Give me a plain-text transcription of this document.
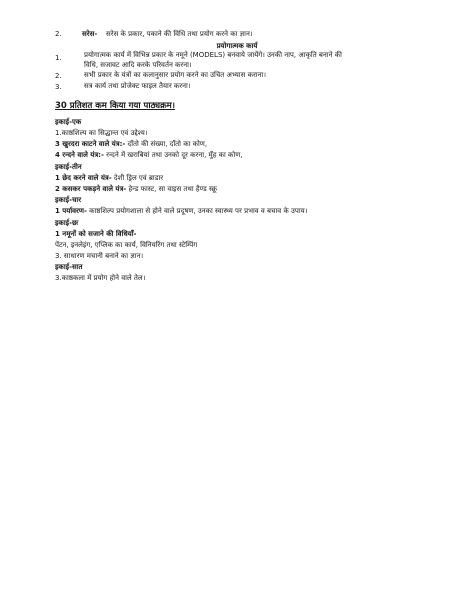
2.	सरेस- सरेस के प्रकार, पकाने की विधि तथा प्रयोग करने का ज्ञान।
प्रयोगात्मक कार्य
1.	प्रयोगात्मक कार्य में विभिन्न प्रकार के नमूने (MODELS) बनवाये जायेंगे। उनकी नाप, आकृति बनाने की
विधि, सजावट आदि करके परिवर्तन करना।
2.	सभी प्रकार के यंत्रों का कलानुसार प्रयोग करने का उचित अभ्यास कराना।
3.	सत्र कार्य तथा प्रोजेक्ट फाइल तैयार करना।
30 प्रतिशत कम किया गया पाठ्यक्रम।
इकाई-एक
1.काष्ठशिल्प का सिद्धान्त एवं उद्देश्य।
3 खुरदरा काटने वाले यंत्र:- दाँतो की संख्या, दाँतो का कोण,
4 रन्दने वाले यंत्र:- रन्दने में खराबियां तथा उनको दूर करना, मुँह का कोण,
इकाई-तीन
1 छेद करने वाले यंत्र- देशी ड्रिल एवं ब्राडार
2 कसकर पकड़ने वाले यंत्र- हेन्ड फास्ट, सा वाइस तथा हैण्ड स्क्रू
इकाई-चार
1 पर्यावरण- काष्ठशिल्प प्रयोगशाला से होने वाले प्रदूषण, उनका स्वास्थ्य पर प्रभाव व बचाव के उपाय।
इकाई-छः
1 नमूनों को सजाने की विधियाँ-
पेंटन, इनलेइंग, एप्लिक का कार्य, विनियरिंग तथा स्टेम्पिंग
3. साधारण मचानी बनाने का ज्ञान।
इकाई-सात
3.काष्ठकला में प्रयोग होने वाले तेल।
